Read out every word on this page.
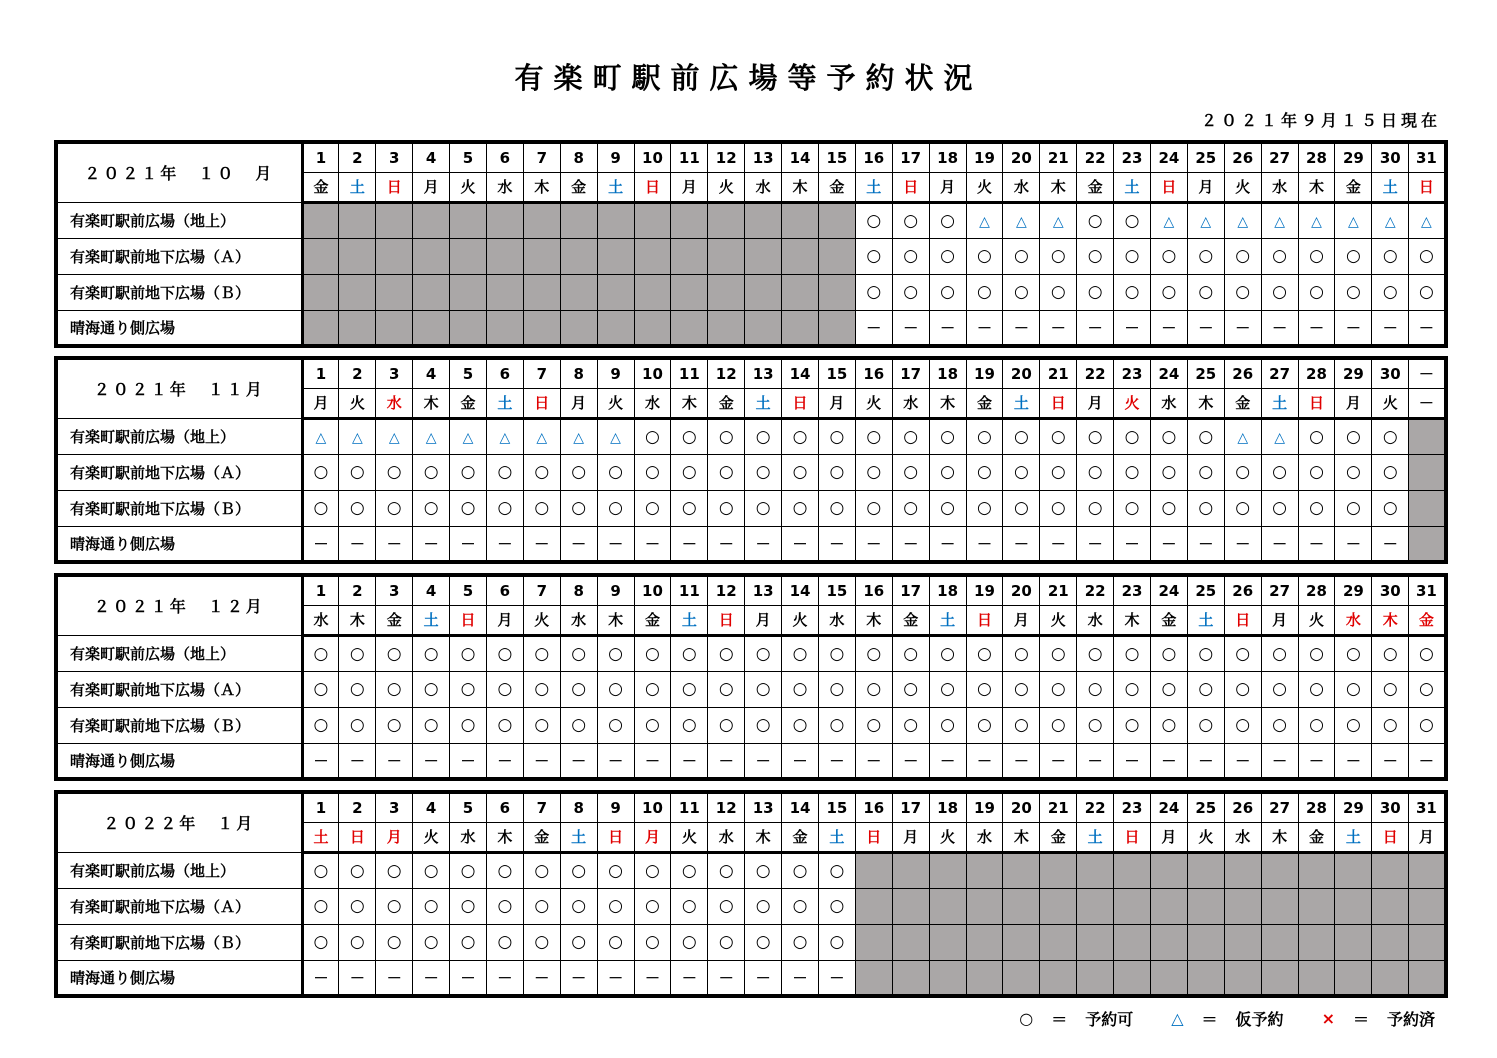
有楽町駅前広場等予約状況
２０２１年９月１５日現在
２０２１年　１０　月	1	2	3	4	5	6	7	8	9	10	11	12	13	14	15	16	17	18	19	20	21	22	23	24	25	26	27	28	29	30	31
	金	土	日	月	火	水	木	金	土	日	月	火	水	木	金	土	日	月	火	水	木	金	土	日	月	火	水	木	金	土	日
有楽町駅前広場（地上）																○	○	○	△	△	△	○	○	△	△	△	△	△	△	△	△
有楽町駅前地下広場（Ａ）																○	○	○	○	○	○	○	○	○	○	○	○	○	○	○	○
有楽町駅前地下広場（Ｂ）																○	○	○	○	○	○	○	○	○	○	○	○	○	○	○	○
晴海通り側広場																－	－	－	－	－	－	－	－	－	－	－	－	－	－	－	－
２０２１年　１１月	1	2	3	4	5	6	7	8	9	10	11	12	13	14	15	16	17	18	19	20	21	22	23	24	25	26	27	28	29	30	－
	月	火	水	木	金	土	日	月	火	水	木	金	土	日	月	火	水	木	金	土	日	月	火	水	木	金	土	日	月	火	－
有楽町駅前広場（地上）	△	△	△	△	△	△	△	△	△	○	○	○	○	○	○	○	○	○	○	○	○	○	○	○	○	△	△	○	○	○	
有楽町駅前地下広場（Ａ）	○	○	○	○	○	○	○	○	○	○	○	○	○	○	○	○	○	○	○	○	○	○	○	○	○	○	○	○	○	○	
有楽町駅前地下広場（Ｂ）	○	○	○	○	○	○	○	○	○	○	○	○	○	○	○	○	○	○	○	○	○	○	○	○	○	○	○	○	○	○	
晴海通り側広場	－	－	－	－	－	－	－	－	－	－	－	－	－	－	－	－	－	－	－	－	－	－	－	－	－	－	－	－	－	－	
２０２１年　１２月	1	2	3	4	5	6	7	8	9	10	11	12	13	14	15	16	17	18	19	20	21	22	23	24	25	26	27	28	29	30	31
	水	木	金	土	日	月	火	水	木	金	土	日	月	火	水	木	金	土	日	月	火	水	木	金	土	日	月	火	水	木	金
有楽町駅前広場（地上）	○	○	○	○	○	○	○	○	○	○	○	○	○	○	○	○	○	○	○	○	○	○	○	○	○	○	○	○	○	○	○
有楽町駅前地下広場（Ａ）	○	○	○	○	○	○	○	○	○	○	○	○	○	○	○	○	○	○	○	○	○	○	○	○	○	○	○	○	○	○	○
有楽町駅前地下広場（Ｂ）	○	○	○	○	○	○	○	○	○	○	○	○	○	○	○	○	○	○	○	○	○	○	○	○	○	○	○	○	○	○	○
晴海通り側広場	－	－	－	－	－	－	－	－	－	－	－	－	－	－	－	－	－	－	－	－	－	－	－	－	－	－	－	－	－	－	－
２０２２年　１月	1	2	3	4	5	6	7	8	9	10	11	12	13	14	15	16	17	18	19	20	21	22	23	24	25	26	27	28	29	30	31
	土	日	月	火	水	木	金	土	日	月	火	水	木	金	土	日	月	火	水	木	金	土	日	月	火	水	木	金	土	日	月
有楽町駅前広場（地上）	○	○	○	○	○	○	○	○	○	○	○	○	○	○	○																
有楽町駅前地下広場（Ａ）	○	○	○	○	○	○	○	○	○	○	○	○	○	○	○																
有楽町駅前地下広場（Ｂ）	○	○	○	○	○	○	○	○	○	○	○	○	○	○	○																
晴海通り側広場	－	－	－	－	－	－	－	－	－	－	－	－	－	－	－																
○ ＝ 予約可 △ ＝ 仮予約 × ＝ 予約済
